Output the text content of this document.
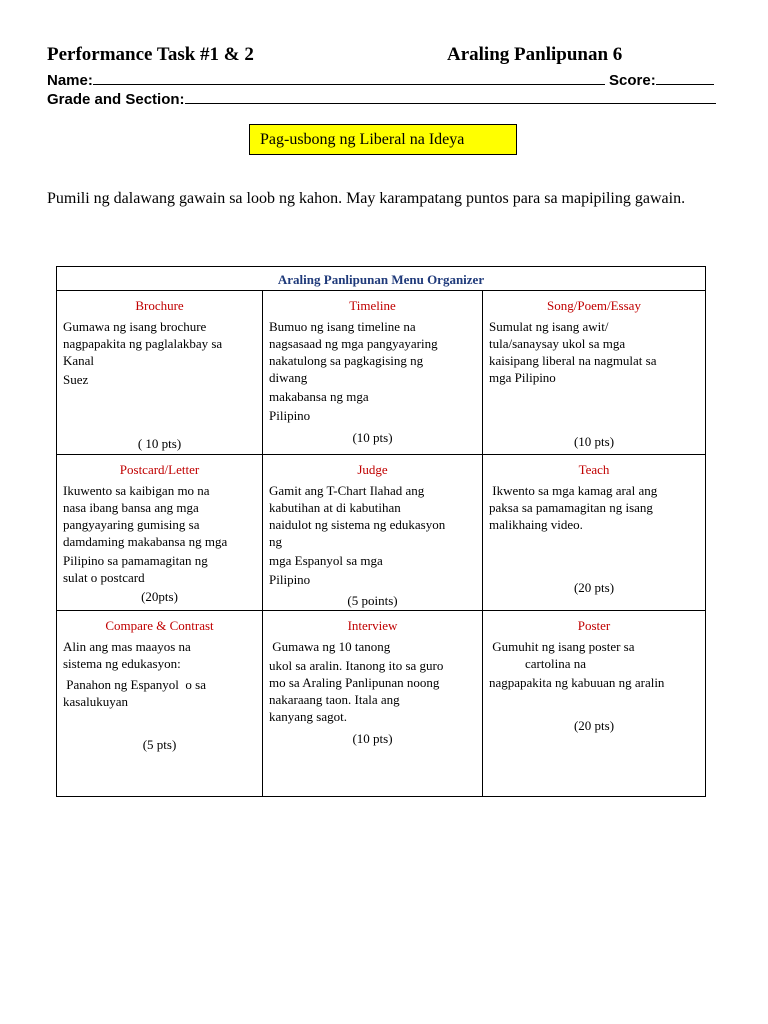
Performance Task #1 & 2	Araling Panlipunan 6
Name:	Score:
Grade and Section:
Pag-usbong ng Liberal na Ideya
Pumili ng dalawang gawain sa loob ng kahon. May karampatang puntos para sa mapipiling gawain.
Araling Panlipunan Menu Organizer
Brochure
Gumawa ng isang brochure
nagpapakita ng paglalakbay sa
Kanal
Suez
( 10 pts)
Timeline
Bumuo ng isang timeline na
nagsasaad ng mga pangyayaring
nakatulong sa pagkagising ng
diwang
makabansa ng mga
Pilipino
(10 pts)
Song/Poem/Essay
Sumulat ng isang awit/
tula/sanaysay ukol sa mga
kaisipang liberal na nagmulat sa
mga Pilipino
(10 pts)
Postcard/Letter
Ikuwento sa kaibigan mo na
nasa ibang bansa ang mga
pangyayaring gumising sa
damdaming makabansa ng mga
Pilipino sa pamamagitan ng
sulat o postcard
(20pts)
Judge
Gamit ang T-Chart Ilahad ang
kabutihan at di kabutihan
naidulot ng sistema ng edukasyon
ng
mga Espanyol sa mga
Pilipino
(5 points)
Teach
Ikwento sa mga kamag aral ang
paksa sa pamamagitan ng isang
malikhaing video.
(20 pts)
Compare & Contrast
Alin ang mas maayos na
sistema ng edukasyon:
Panahon ng Espanyol  o sa
kasalukuyan
(5 pts)
Interview
Gumawa ng 10 tanong
ukol sa aralin. Itanong ito sa guro
mo sa Araling Panlipunan noong
nakaraang taon. Itala ang
kanyang sagot.
(10 pts)
Poster
Gumuhit ng isang poster sa
cartolina na
nagpapakita ng kabuuan ng aralin
(20 pts)
